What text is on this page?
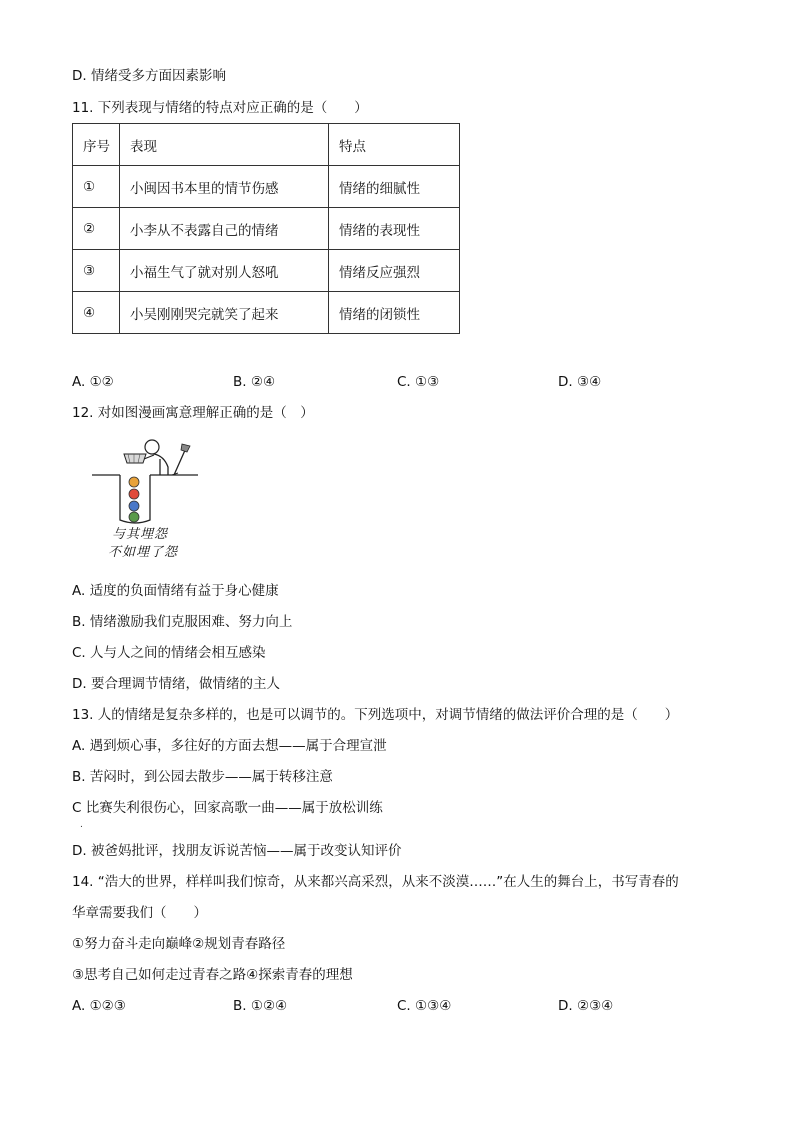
D. 情绪受多方面因素影响
11. 下列表现与情绪的特点对应正确的是（　　）
序号	表现	特点
①	小闽因书本里的情节伤感	情绪的细腻性
②	小李从不表露自己的情绪	情绪的表现性
③	小福生气了就对别人怒吼	情绪反应强烈
④	小吴刚刚哭完就笑了起来	情绪的闭锁性
A. ①②	B. ②④	C. ①③	D. ③④
12. 对如图漫画寓意理解正确的是（　）
与其埋怨
不如埋了怨
A. 适度的负面情绪有益于身心健康
B. 情绪激励我们克服困难、努力向上
C. 人与人之间的情绪会相互感染
D. 要合理调节情绪，做情绪的主人
13. 人的情绪是复杂多样的，也是可以调节的。下列选项中，对调节情绪的做法评价合理的是（　　）
A. 遇到烦心事，多往好的方面去想——属于合理宣泄
B. 苦闷时，到公园去散步——属于转移注意
C 比赛失利很伤心，回家高歌一曲——属于放松训练
.
D. 被爸妈批评，找朋友诉说苦恼——属于改变认知评价
14. “浩大的世界，样样叫我们惊奇，从来都兴高采烈，从来不淡漠……”在人生的舞台上，书写青春的
华章需要我们（　　）
①努力奋斗走向巅峰②规划青春路径
③思考自己如何走过青春之路④探索青春的理想
A. ①②③	B. ①②④	C. ①③④	D. ②③④
